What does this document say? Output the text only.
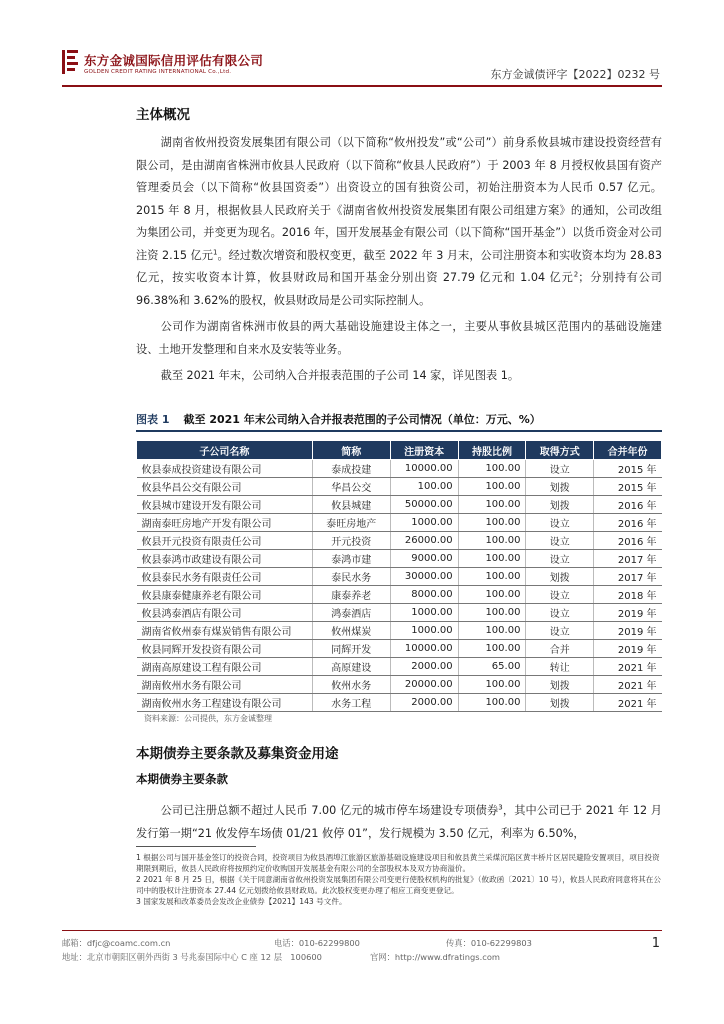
东方金诚国际信用评估有限公司
GOLDEN CREDIT RATING INTERNATIONAL Co.,Ltd.	东方金诚债评字【2022】0232 号
主体概况

湖南省攸州投资发展集团有限公司（以下简称“攸州投发”或“公司”）前身系攸县城市建设投资经营有限公司，是由湖南省株洲市攸县人民政府（以下简称“攸县人民政府”）于 2003 年 8 月授权攸县国有资产管理委员会（以下简称“攸县国资委”）出资设立的国有独资公司，初始注册资本为人民币 0.57 亿元。2015 年 8 月，根据攸县人民政府关于《湖南省攸州投资发展集团有限公司组建方案》的通知，公司改组为集团公司，并变更为现名。2016 年，国开发展基金有限公司（以下简称“国开基金”）以货币资金对公司注资 2.15 亿元$^1$。经过数次增资和股权变更，截至 2022 年 3 月末，公司注册资本和实收资本均为 28.83 亿元，按实收资本计算，攸县财政局和国开基金分别出资 27.79 亿元和 1.04 亿元$^2$；分别持有公司 96.38%和 3.62%的股权，攸县财政局是公司实际控制人。

公司作为湖南省株洲市攸县的两大基础设施建设主体之一，主要从事攸县城区范围内的基础设施建设、土地开发整理和自来水及安装等业务。

截至 2021 年末，公司纳入合并报表范围的子公司 14 家，详见图表 1。

图表 1 截至 2021 年末公司纳入合并报表范围的子公司情况（单位：万元、%）
子公司名称	简称	注册资本	持股比例	取得方式	合并年份
攸县泰成投资建设有限公司	泰成投建	10000.00	100.00	设立	2015 年
攸县华昌公交有限公司	华昌公交	100.00	100.00	划拨	2015 年
攸县城市建设开发有限公司	攸县城建	50000.00	100.00	划拨	2016 年
湖南泰旺房地产开发有限公司	泰旺房地产	1000.00	100.00	设立	2016 年
攸县开元投资有限责任公司	开元投资	26000.00	100.00	设立	2016 年
攸县泰鸿市政建设有限公司	泰鸿市建	9000.00	100.00	设立	2017 年
攸县泰民水务有限责任公司	泰民水务	30000.00	100.00	划拨	2017 年
攸县康泰健康养老有限公司	康泰养老	8000.00	100.00	设立	2018 年
攸县鸿泰酒店有限公司	鸿泰酒店	1000.00	100.00	设立	2019 年
湖南省攸州泰有煤炭销售有限公司	攸州煤炭	1000.00	100.00	设立	2019 年
攸县同辉开发投资有限公司	同辉开发	10000.00	100.00	合并	2019 年
湖南高原建设工程有限公司	高原建设	2000.00	65.00	转让	2021 年
湖南攸州水务有限公司	攸州水务	20000.00	100.00	划拨	2021 年
湖南攸州水务工程建设有限公司	水务工程	2000.00	100.00	划拨	2021 年
资料来源：公司提供，东方金诚整理
本期债券主要条款及募集资金用途
本期债券主要条款

公司已注册总额不超过人民币 7.00 亿元的城市停车场建设专项债券$^3$，其中公司已于 2021 年 12 月发行第一期“21 攸发停车场债 01/21 攸停 01”，发行规模为 3.50 亿元，利率为 6.50%，

1 根据公司与国开基金签订的投资合同，投资项目为攸县酒埠江旅游区旅游基础设施建设项目和攸县黄兰采煤沉陷区黄丰桥片区居民避险安置项目，项目投资期限到期后，攸县人民政府将按照约定价收购国开发展基金有限公司的全部股权本及双方协商溢价。
2 2021 年 8 月 25 日，根据《关于同意湖南省攸州投资发展集团有限公司变更行使股权机构的批复》（攸政函〔2021〕10 号），攸县人民政府同意将其在公司中的股权计注册资本 27.44 亿元划拨给攸县财政局。此次股权变更办理了相应工商变更登记。
3 国家发展和改革委员会发改企业债券【2021】143 号文件。
邮箱：dfjc@coamc.com.cn	电话：010-62299800	传真：010-62299803
地址：北京市朝阳区朝外西街 3 号兆泰国际中心 C 座 12 层　100600	官网：http://www.dfratings.com
1
